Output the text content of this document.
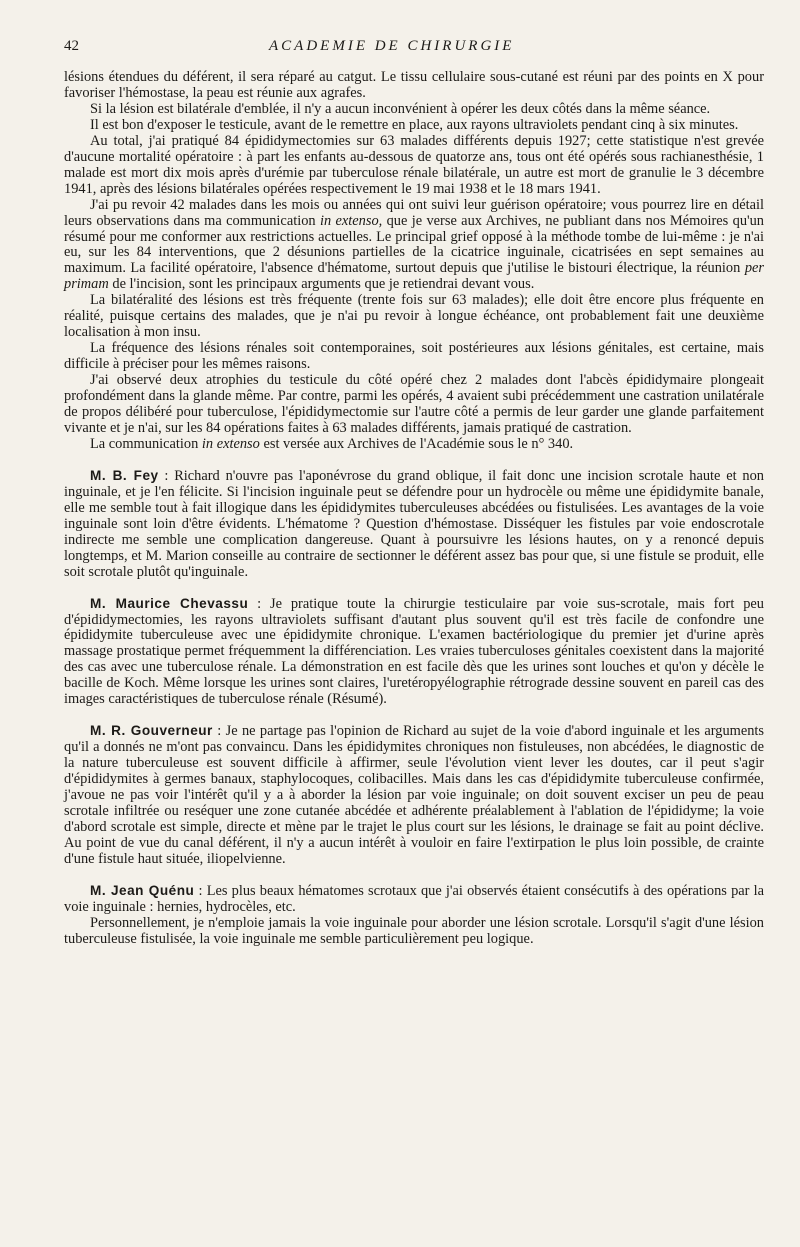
42	ACADEMIE DE CHIRURGIE

lésions étendues du déférent, il sera réparé au catgut. Le tissu cellulaire sous-cutané est réuni par des points en X pour favoriser l'hémostase, la peau est réunie aux agrafes.

Si la lésion est bilatérale d'emblée, il n'y a aucun inconvénient à opérer les deux côtés dans la même séance.

Il est bon d'exposer le testicule, avant de le remettre en place, aux rayons ultraviolets pendant cinq à six minutes.

Au total, j'ai pratiqué 84 épididymectomies sur 63 malades différents depuis 1927; cette statistique n'est grevée d'aucune mortalité opératoire : à part les enfants au-dessous de quatorze ans, tous ont été opérés sous rachianesthésie, 1 malade est mort dix mois après d'urémie par tuberculose rénale bilatérale, un autre est mort de granulie le 3 décembre 1941, après des lésions bilatérales opérées respectivement le 19 mai 1938 et le 18 mars 1941.

J'ai pu revoir 42 malades dans les mois ou années qui ont suivi leur guérison opératoire; vous pourrez lire en détail leurs observations dans ma communication in extenso, que je verse aux Archives, ne publiant dans nos Mémoires qu'un résumé pour me conformer aux restrictions actuelles. Le principal grief opposé à la méthode tombe de lui-même : je n'ai eu, sur les 84 interventions, que 2 désunions partielles de la cicatrice inguinale, cicatrisées en sept semaines au maximum. La facilité opératoire, l'absence d'hématome, surtout depuis que j'utilise le bistouri électrique, la réunion per primam de l'incision, sont les principaux arguments que je retiendrai devant vous.

La bilatéralité des lésions est très fréquente (trente fois sur 63 malades); elle doit être encore plus fréquente en réalité, puisque certains des malades, que je n'ai pu revoir à longue échéance, ont probablement fait une deuxième localisation à mon insu.

La fréquence des lésions rénales soit contemporaines, soit postérieures aux lésions génitales, est certaine, mais difficile à préciser pour les mêmes raisons.

J'ai observé deux atrophies du testicule du côté opéré chez 2 malades dont l'abcès épididymaire plongeait profondément dans la glande même. Par contre, parmi les opérés, 4 avaient subi précédemment une castration unilatérale de propos délibéré pour tuberculose, l'épididymectomie sur l'autre côté a permis de leur garder une glande parfaitement vivante et je n'ai, sur les 84 opérations faites à 63 malades différents, jamais pratiqué de castration.

La communication in extenso est versée aux Archives de l'Académie sous le n° 340.

M. B. Fey : Richard n'ouvre pas l'aponévrose du grand oblique, il fait donc une incision scrotale haute et non inguinale, et je l'en félicite. Si l'incision inguinale peut se défendre pour un hydrocèle ou même une épididymite banale, elle me semble tout à fait illogique dans les épididymites tuberculeuses abcédées ou fistulisées. Les avantages de la voie inguinale sont loin d'être évidents. L'hématome ? Question d'hémostase. Disséquer les fistules par voie endoscrotale indirecte me semble une complication dangereuse. Quant à poursuivre les lésions hautes, on y a renoncé depuis longtemps, et M. Marion conseille au contraire de sectionner le déférent assez bas pour que, si une fistule se produit, elle soit scrotale plutôt qu'inguinale.

M. Maurice Chevassu : Je pratique toute la chirurgie testiculaire par voie sus-scrotale, mais fort peu d'épididymectomies, les rayons ultraviolets suffisant d'autant plus souvent qu'il est très facile de confondre une épididymite tuberculeuse avec une épididymite chronique. L'examen bactériologique du premier jet d'urine après massage prostatique permet fréquemment la différenciation. Les vraies tuberculoses génitales coexistent dans la majorité des cas avec une tuberculose rénale. La démonstration en est facile dès que les urines sont louches et qu'on y décèle le bacille de Koch. Même lorsque les urines sont claires, l'uretéropyélographie rétrograde dessine souvent en pareil cas des images caractéristiques de tuberculose rénale (Résumé).

M. R. Gouverneur : Je ne partage pas l'opinion de Richard au sujet de la voie d'abord inguinale et les arguments qu'il a donnés ne m'ont pas convaincu. Dans les épididymites chroniques non fistuleuses, non abcédées, le diagnostic de la nature tuberculeuse est souvent difficile à affirmer, seule l'évolution vient lever les doutes, car il peut s'agir d'épididymites à germes banaux, staphylocoques, colibacilles. Mais dans les cas d'épididymite tuberculeuse confirmée, j'avoue ne pas voir l'intérêt qu'il y a à aborder la lésion par voie inguinale; on doit souvent exciser un peu de peau scrotale infiltrée ou reséquer une zone cutanée abcédée et adhérente préalablement à l'ablation de l'épididyme; la voie d'abord scrotale est simple, directe et mène par le trajet le plus court sur les lésions, le drainage se fait au point déclive. Au point de vue du canal déférent, il n'y a aucun intérêt à vouloir en faire l'extirpation le plus loin possible, de crainte d'une fistule haut située, iliopelvienne.

M. Jean Quénu : Les plus beaux hématomes scrotaux que j'ai observés étaient consécutifs à des opérations par la voie inguinale : hernies, hydrocèles, etc.

Personnellement, je n'emploie jamais la voie inguinale pour aborder une lésion scrotale. Lorsqu'il s'agit d'une lésion tuberculeuse fistulisée, la voie inguinale me semble particulièrement peu logique.
